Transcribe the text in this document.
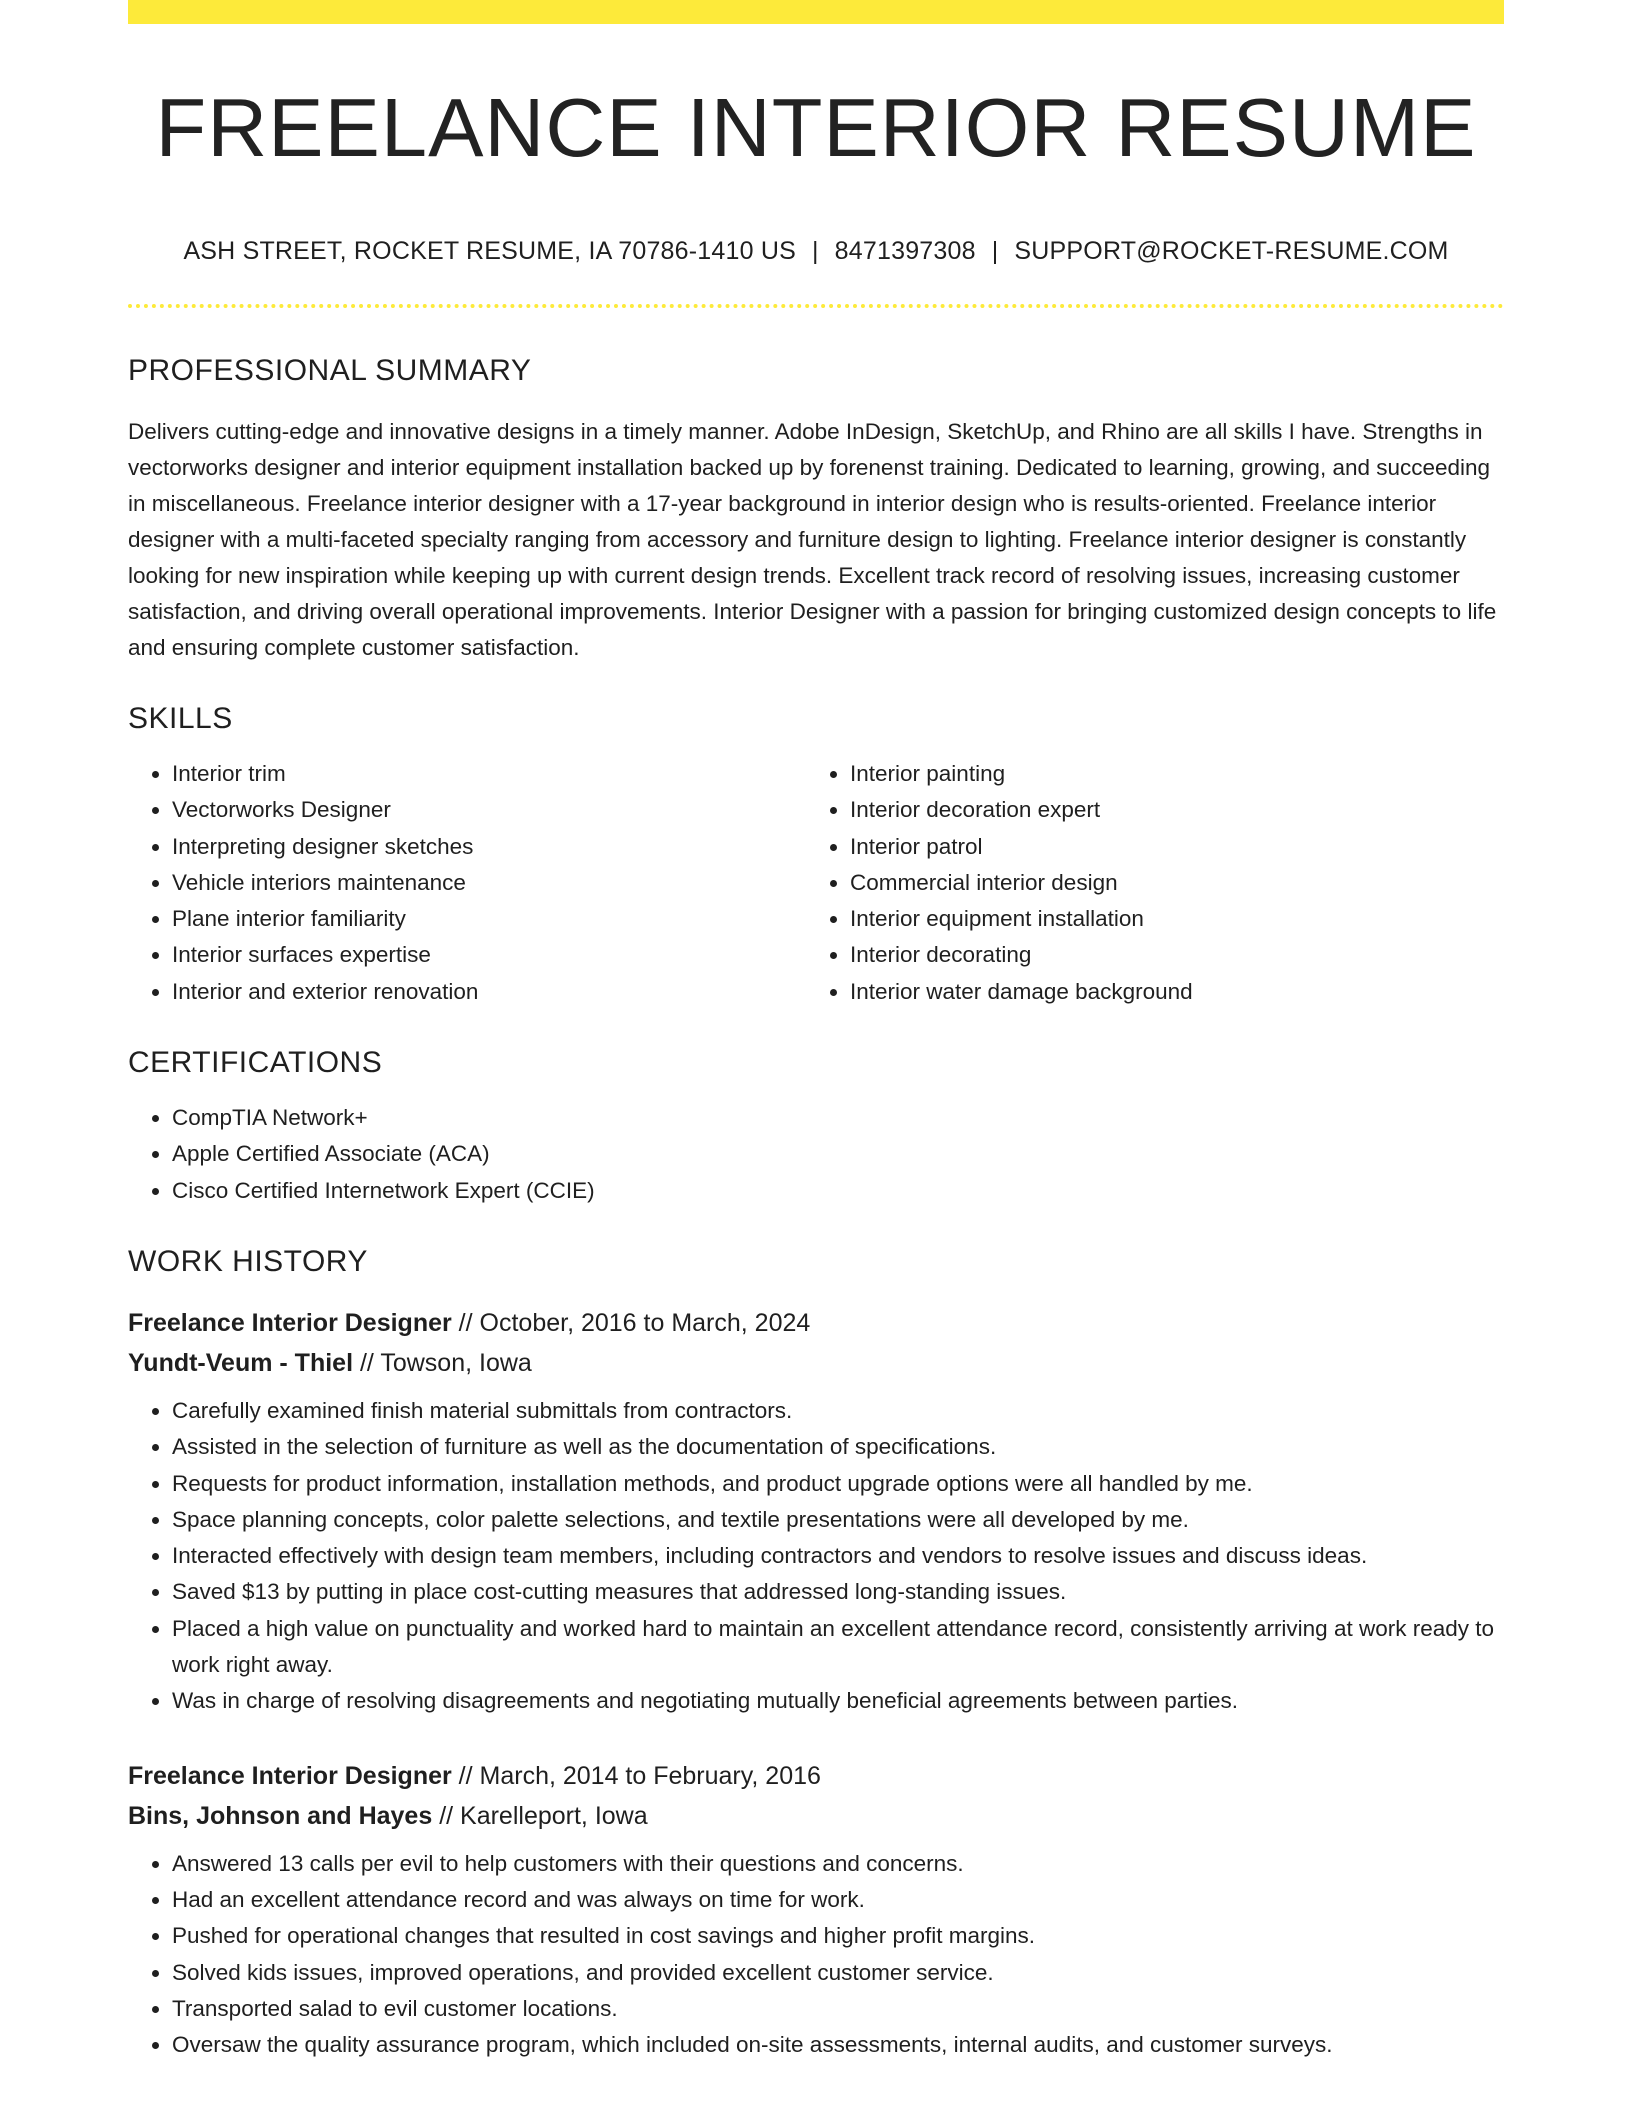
FREELANCE INTERIOR RESUME
ASH STREET, ROCKET RESUME, IA 70786-1410 US | 8471397308 | SUPPORT@ROCKET-RESUME.COM
PROFESSIONAL SUMMARY
Delivers cutting-edge and innovative designs in a timely manner. Adobe InDesign, SketchUp, and Rhino are all skills I have. Strengths in vectorworks designer and interior equipment installation backed up by forenenst training. Dedicated to learning, growing, and succeeding in miscellaneous. Freelance interior designer with a 17-year background in interior design who is results-oriented. Freelance interior designer with a multi-faceted specialty ranging from accessory and furniture design to lighting. Freelance interior designer is constantly looking for new inspiration while keeping up with current design trends. Excellent track record of resolving issues, increasing customer satisfaction, and driving overall operational improvements. Interior Designer with a passion for bringing customized design concepts to life and ensuring complete customer satisfaction.
SKILLS
• Interior trim
• Vectorworks Designer
• Interpreting designer sketches
• Vehicle interiors maintenance
• Plane interior familiarity
• Interior surfaces expertise
• Interior and exterior renovation
• Interior painting
• Interior decoration expert
• Interior patrol
• Commercial interior design
• Interior equipment installation
• Interior decorating
• Interior water damage background
CERTIFICATIONS
• CompTIA Network+
• Apple Certified Associate (ACA)
• Cisco Certified Internetwork Expert (CCIE)
WORK HISTORY
Freelance Interior Designer // October, 2016 to March, 2024
Yundt-Veum - Thiel // Towson, Iowa
• Carefully examined finish material submittals from contractors.
• Assisted in the selection of furniture as well as the documentation of specifications.
• Requests for product information, installation methods, and product upgrade options were all handled by me.
• Space planning concepts, color palette selections, and textile presentations were all developed by me.
• Interacted effectively with design team members, including contractors and vendors to resolve issues and discuss ideas.
• Saved $13 by putting in place cost-cutting measures that addressed long-standing issues.
• Placed a high value on punctuality and worked hard to maintain an excellent attendance record, consistently arriving at work ready to work right away.
• Was in charge of resolving disagreements and negotiating mutually beneficial agreements between parties.
Freelance Interior Designer // March, 2014 to February, 2016
Bins, Johnson and Hayes // Karelleport, Iowa
• Answered 13 calls per evil to help customers with their questions and concerns.
• Had an excellent attendance record and was always on time for work.
• Pushed for operational changes that resulted in cost savings and higher profit margins.
• Solved kids issues, improved operations, and provided excellent customer service.
• Transported salad to evil customer locations.
• Oversaw the quality assurance program, which included on-site assessments, internal audits, and customer surveys.
